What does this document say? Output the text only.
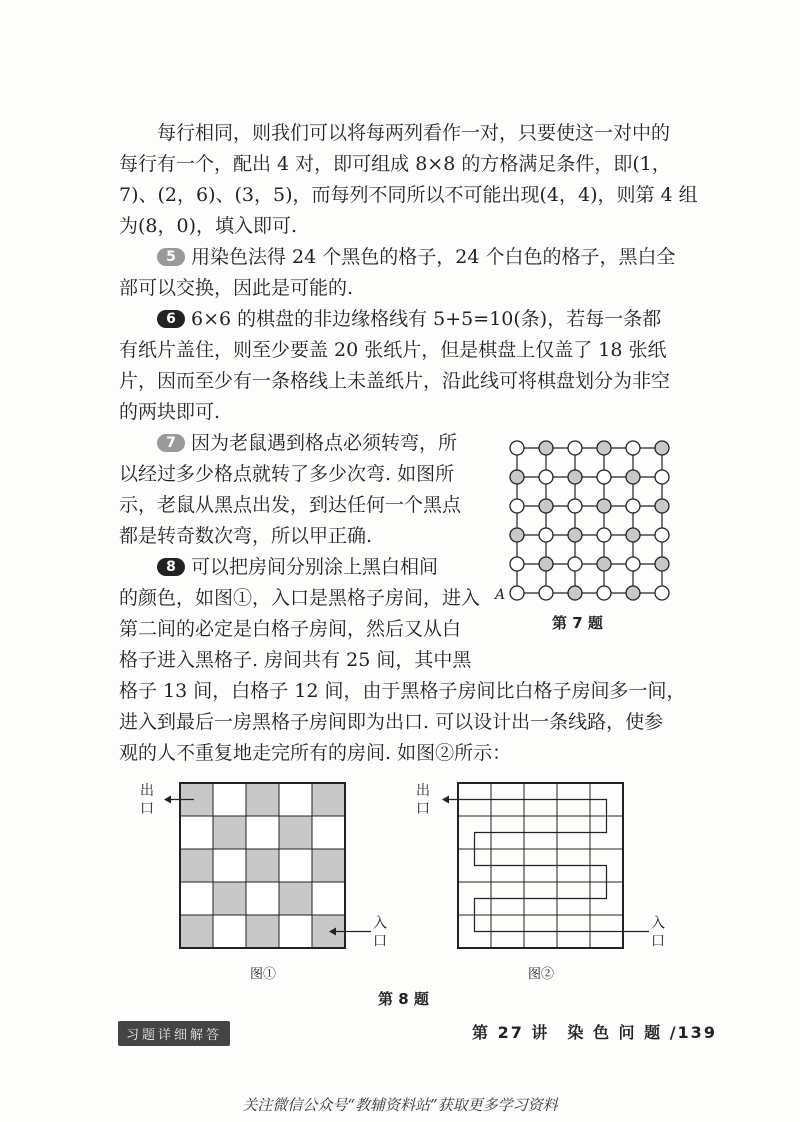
每行相同，则我们可以将每两列看作一对，只要使这一对中的

每行有一个，配出 4 对，即可组成 8×8 的方格满足条件，即(1，

7)、(2，6)、(3，5)，而每列不同所以不可能出现(4，4)，则第 4 组

为(8，0)，填入即可.

5 用染色法得 24 个黑色的格子，24 个白色的格子，黑白全

部可以交换，因此是可能的.

6 6×6 的棋盘的非边缘格线有 5+5=10(条)，若每一条都

有纸片盖住，则至少要盖 20 张纸片，但是棋盘上仅盖了 18 张纸

片，因而至少有一条格线上未盖纸片，沿此线可将棋盘划分为非空

的两块即可.

7 因为老鼠遇到格点必须转弯，所

以经过多少格点就转了多少次弯. 如图所

示，老鼠从黑点出发，到达任何一个黑点

都是转奇数次弯，所以甲正确.

A
第 7 题

8 可以把房间分别涂上黑白相间

的颜色，如图①，入口是黑格子房间，进入

第二间的必定是白格子房间，然后又从白

格子进入黑格子. 房间共有 25 间，其中黑

格子 13 间，白格子 12 间，由于黑格子房间比白格子房间多一间，

进入到最后一房黑格子房间即为出口. 可以设计出一条线路，使参

观的人不重复地走完所有的房间. 如图②所示：

出
口
入
口
图①
出
口
入
口
图②
第 8 题
习题详细解答	第 27 讲　染 色 问 题 /139
关注微信公众号“教辅资料站”获取更多学习资料
